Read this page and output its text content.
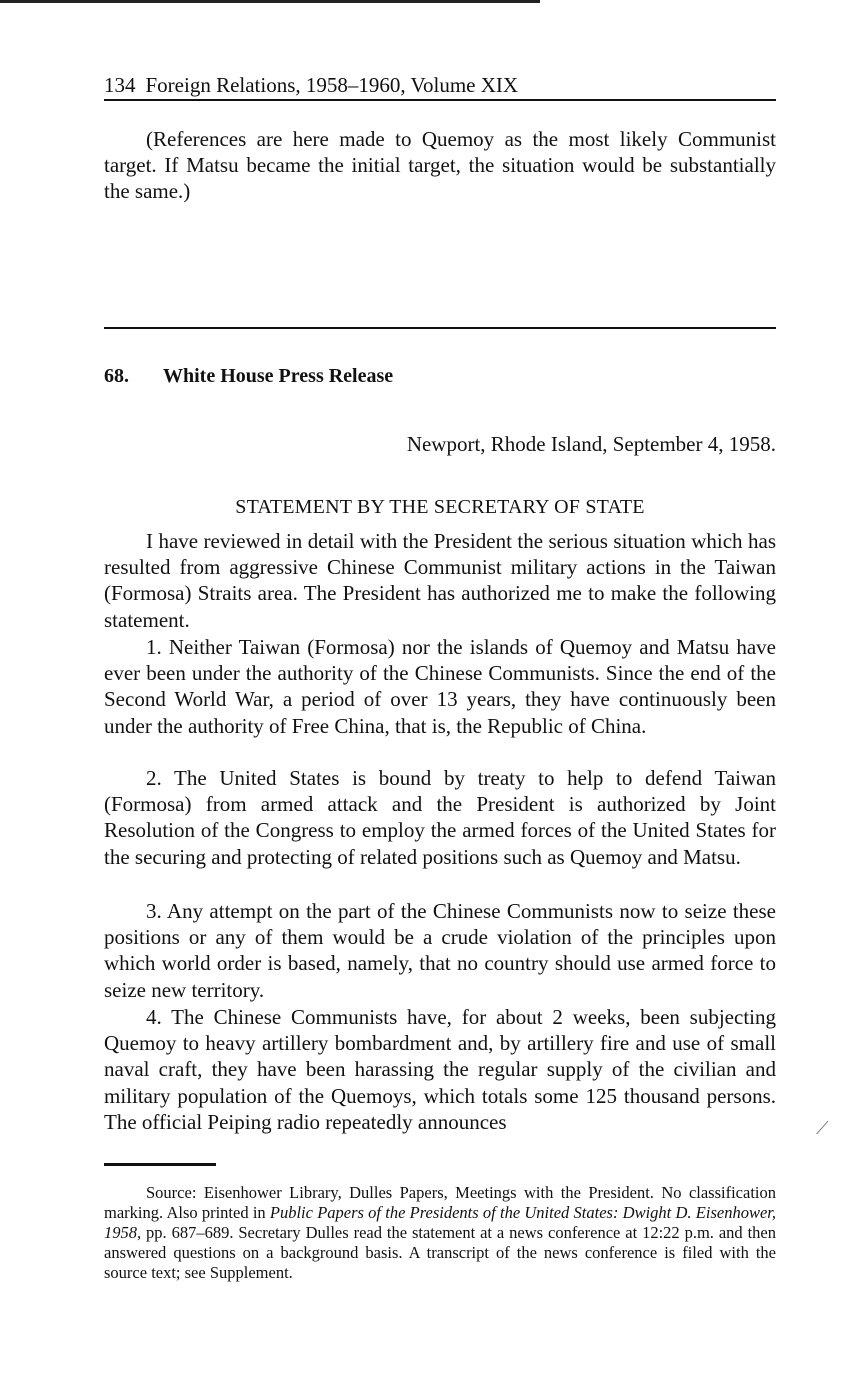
134 Foreign Relations, 1958–1960, Volume XIX

(References are here made to Quemoy as the most likely Communist target. If Matsu became the initial target, the situation would be substantially the same.)

68. White House Press Release
Newport, Rhode Island, September 4, 1958.
STATEMENT BY THE SECRETARY OF STATE

I have reviewed in detail with the President the serious situation which has resulted from aggressive Chinese Communist military actions in the Taiwan (Formosa) Straits area. The President has authorized me to make the following statement.

1. Neither Taiwan (Formosa) nor the islands of Quemoy and Matsu have ever been under the authority of the Chinese Communists. Since the end of the Second World War, a period of over 13 years, they have continuously been under the authority of Free China, that is, the Republic of China.

2. The United States is bound by treaty to help to defend Taiwan (Formosa) from armed attack and the President is authorized by Joint Resolution of the Congress to employ the armed forces of the United States for the securing and protecting of related positions such as Quemoy and Matsu.

3. Any attempt on the part of the Chinese Communists now to seize these positions or any of them would be a crude violation of the principles upon which world order is based, namely, that no country should use armed force to seize new territory.

4. The Chinese Communists have, for about 2 weeks, been subjecting Quemoy to heavy artillery bombardment and, by artillery fire and use of small naval craft, they have been harassing the regular supply of the civilian and military population of the Quemoys, which totals some 125 thousand persons. The official Peiping radio repeatedly announces

Source: Eisenhower Library, Dulles Papers, Meetings with the President. No classification marking. Also printed in Public Papers of the Presidents of the United States: Dwight D. Eisenhower, 1958, pp. 687–689. Secretary Dulles read the statement at a news conference at 12:22 p.m. and then answered questions on a background basis. A transcript of the news conference is filed with the source text; see Supplement.

⟋
